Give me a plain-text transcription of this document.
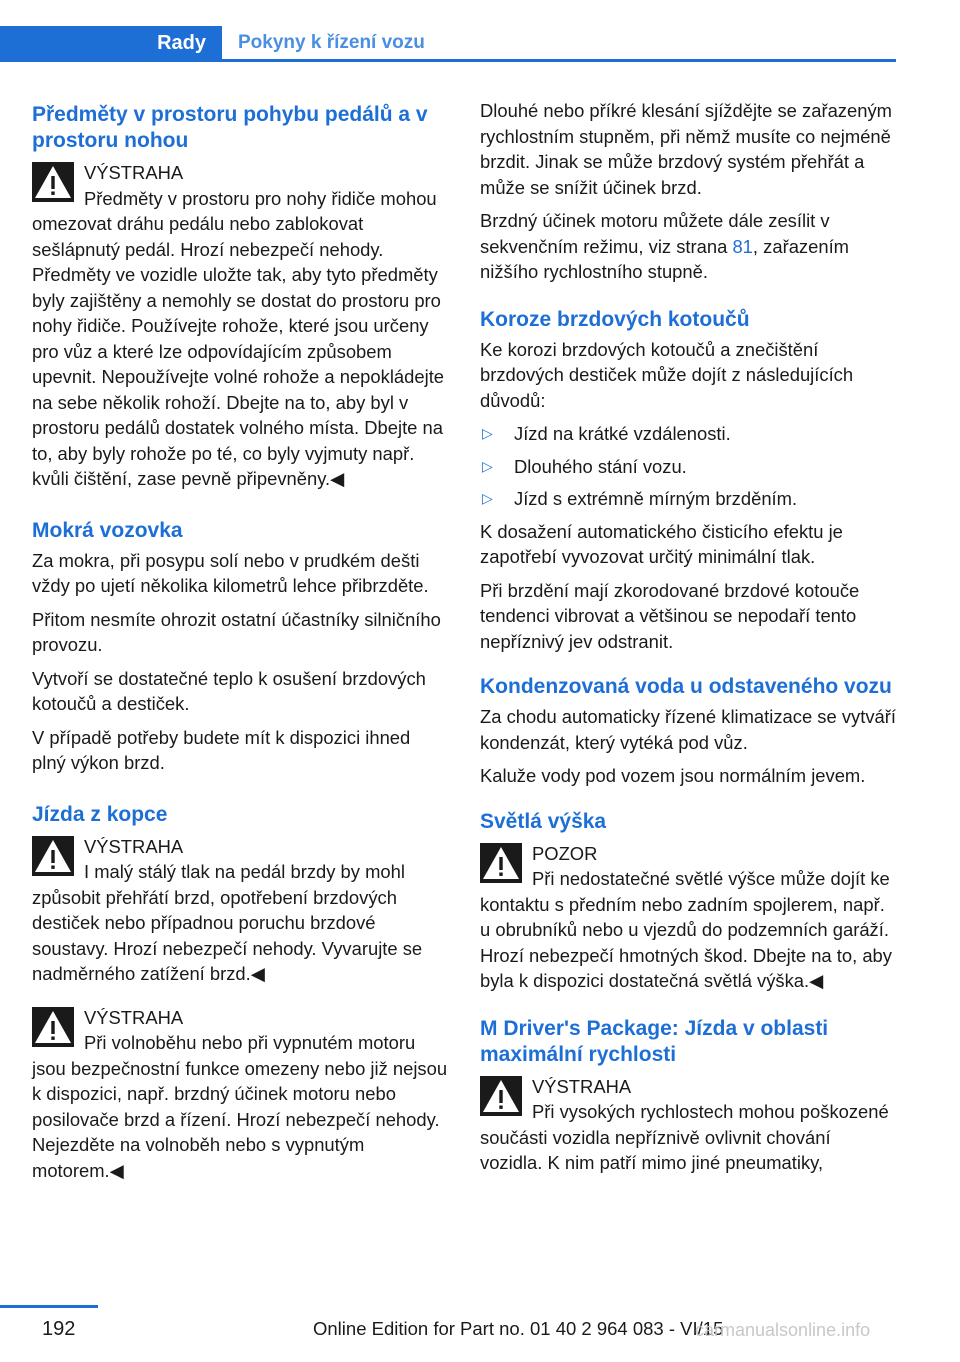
Rady	Pokyny k řízení vozu
Předměty v prostoru pohybu pedálů a v prostoru nohou

VÝSTRAHA

Předměty v prostoru pro nohy řidiče mohou omezovat dráhu pedálu nebo zablokovat sešlápnutý pedál. Hrozí nebezpečí nehody. Předměty ve vozidle uložte tak, aby tyto předměty byly zajištěny a nemohly se dostat do prostoru pro nohy řidiče. Používejte rohože, které jsou určeny pro vůz a které lze odpovídajícím způsobem upevnit. Nepoužívejte volné rohože a nepokládejte na sebe několik rohoží. Dbejte na to, aby byl v prostoru pedálů dostatek volného místa. Dbejte na to, aby byly rohože po té, co byly vyjmuty např. kvůli čištění, zase pevně připevněny.◀

Mokrá vozovka

Za mokra, při posypu solí nebo v prudkém dešti vždy po ujetí několika kilometrů lehce přibrzděte.

Přitom nesmíte ohrozit ostatní účastníky silničního provozu.

Vytvoří se dostatečné teplo k osušení brzdových kotoučů a destiček.

V případě potřeby budete mít k dispozici ihned plný výkon brzd.

Jízda z kopce

VÝSTRAHA

I malý stálý tlak na pedál brzdy by mohl způsobit přehřátí brzd, opotřebení brzdových destiček nebo případnou poruchu brzdové soustavy. Hrozí nebezpečí nehody. Vyvarujte se nadměrného zatížení brzd.◀

VÝSTRAHA

Při volnoběhu nebo při vypnutém motoru jsou bezpečnostní funkce omezeny nebo již nejsou k dispozici, např. brzdný účinek motoru nebo posilovače brzd a řízení. Hrozí nebezpečí nehody. Nejezděte na volnoběh nebo s vypnutým motorem.◀

Dlouhé nebo příkré klesání sjíždějte se zařazeným rychlostním stupněm, při němž musíte co nejméně brzdit. Jinak se může brzdový systém přehřát a může se snížit účinek brzd.

Brzdný účinek motoru můžete dále zesílit v sekvenčním režimu, viz strana 81, zařazením nižšího rychlostního stupně.

Koroze brzdových kotoučů

Ke korozi brzdových kotoučů a znečištění brzdových destiček může dojít z následujících důvodů:

▷ Jízd na krátké vzdálenosti.
▷ Dlouhého stání vozu.
▷ Jízd s extrémně mírným brzděním.

K dosažení automatického čisticího efektu je zapotřebí vyvozovat určitý minimální tlak.

Při brzdění mají zkorodované brzdové kotouče tendenci vibrovat a většinou se nepodaří tento nepříznivý jev odstranit.

Kondenzovaná voda u odstaveného vozu

Za chodu automaticky řízené klimatizace se vytváří kondenzát, který vytéká pod vůz.

Kaluže vody pod vozem jsou normálním jevem.

Světlá výška

POZOR

Při nedostatečné světlé výšce může dojít ke kontaktu s předním nebo zadním spojlerem, např. u obrubníků nebo u vjezdů do podzemních garáží. Hrozí nebezpečí hmotných škod. Dbejte na to, aby byla k dispozici dostatečná světlá výška.◀

M Driver's Package: Jízda v oblasti maximální rychlosti

VÝSTRAHA

Při vysokých rychlostech mohou poškozené součásti vozidla nepříznivě ovlivnit chování vozidla. K nim patří mimo jiné pneumatiky,

192	Online Edition for Part no. 01 40 2 964 083 - VI/15
carmanualsonline.info
